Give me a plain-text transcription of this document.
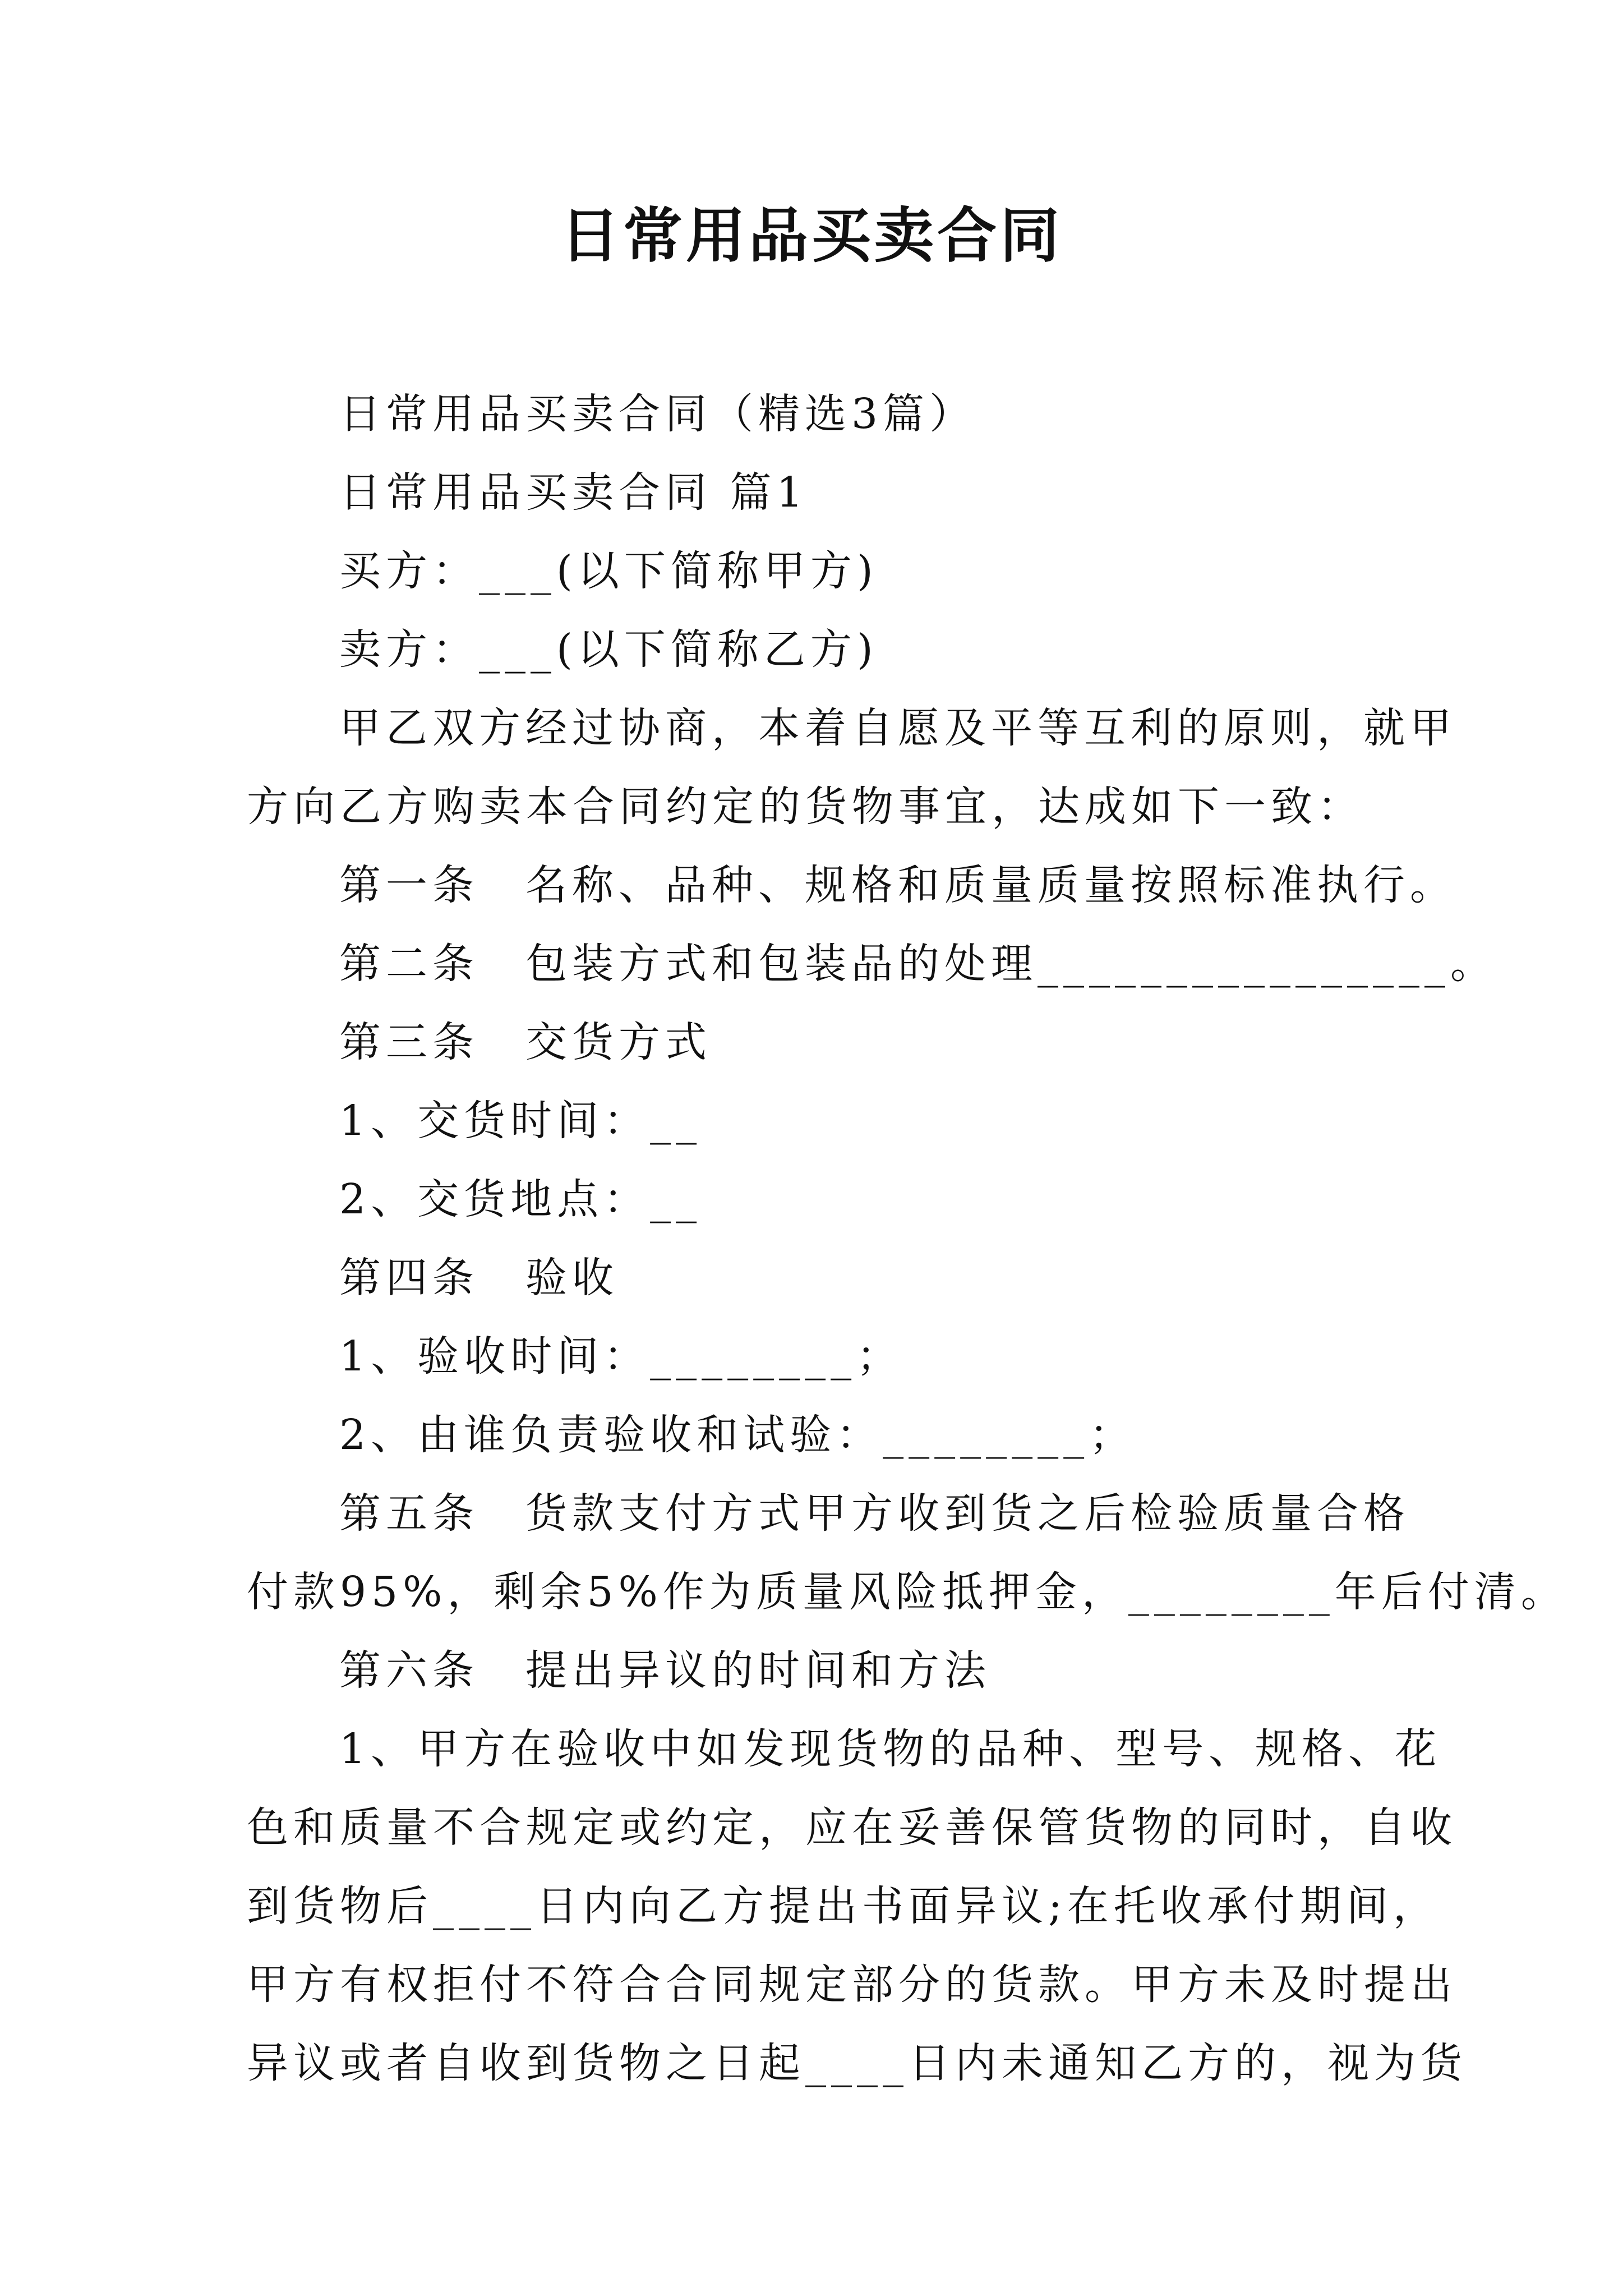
日常用品买卖合同
日常用品买卖合同（精选3篇）
日常用品买卖合同 篇1
买方：___(以下简称甲方)
卖方：___(以下简称乙方)
甲乙双方经过协商，本着自愿及平等互利的原则，就甲
方向乙方购卖本合同约定的货物事宜，达成如下一致：
第一条　名称、品种、规格和质量质量按照标准执行。
第二条　包装方式和包装品的处理________________。
第三条　交货方式
1、交货时间：__
2、交货地点：__
第四条　验收
1、验收时间：________；
2、由谁负责验收和试验：________；
第五条　货款支付方式甲方收到货之后检验质量合格
付款95%，剩余5%作为质量风险抵押金，________年后付清。
第六条　提出异议的时间和方法
1、甲方在验收中如发现货物的品种、型号、规格、花
色和质量不合规定或约定，应在妥善保管货物的同时，自收
到货物后____日内向乙方提出书面异议;在托收承付期间，
甲方有权拒付不符合合同规定部分的货款。甲方未及时提出
异议或者自收到货物之日起____日内未通知乙方的，视为货
